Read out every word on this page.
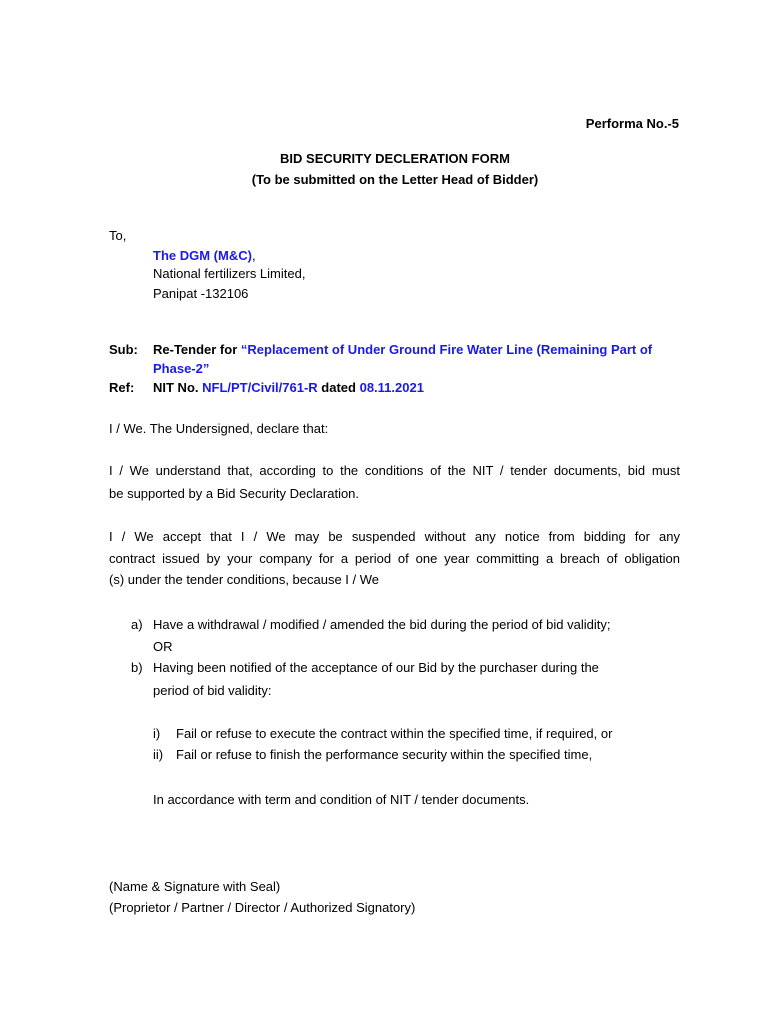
Performa No.-5
BID SECURITY DECLERATION FORM
(To be submitted on the Letter Head of Bidder)
To,
The DGM (M&C),
National fertilizers Limited,
Panipat -132106
Sub: Re-Tender for “Replacement of Under Ground Fire Water Line (Remaining Part of
Phase-2”
Ref: NIT No. NFL/PT/Civil/761-R dated 08.11.2021
I / We. The Undersigned, declare that:
I / We understand that, according to the conditions of the NIT / tender documents, bid must
be supported by a Bid Security Declaration.
I / We accept that I / We may be suspended without any notice from bidding for any
contract issued by your company for a period of one year committing a breach of obligation
(s) under the tender conditions, because I / We
a) Have a withdrawal / modified / amended the bid during the period of bid validity;
OR
b) Having been notified of the acceptance of our Bid by the purchaser during the
period of bid validity:
i) Fail or refuse to execute the contract within the specified time, if required, or
ii) Fail or refuse to finish the performance security within the specified time,
In accordance with term and condition of NIT / tender documents.
(Name & Signature with Seal)
(Proprietor / Partner / Director / Authorized Signatory)
